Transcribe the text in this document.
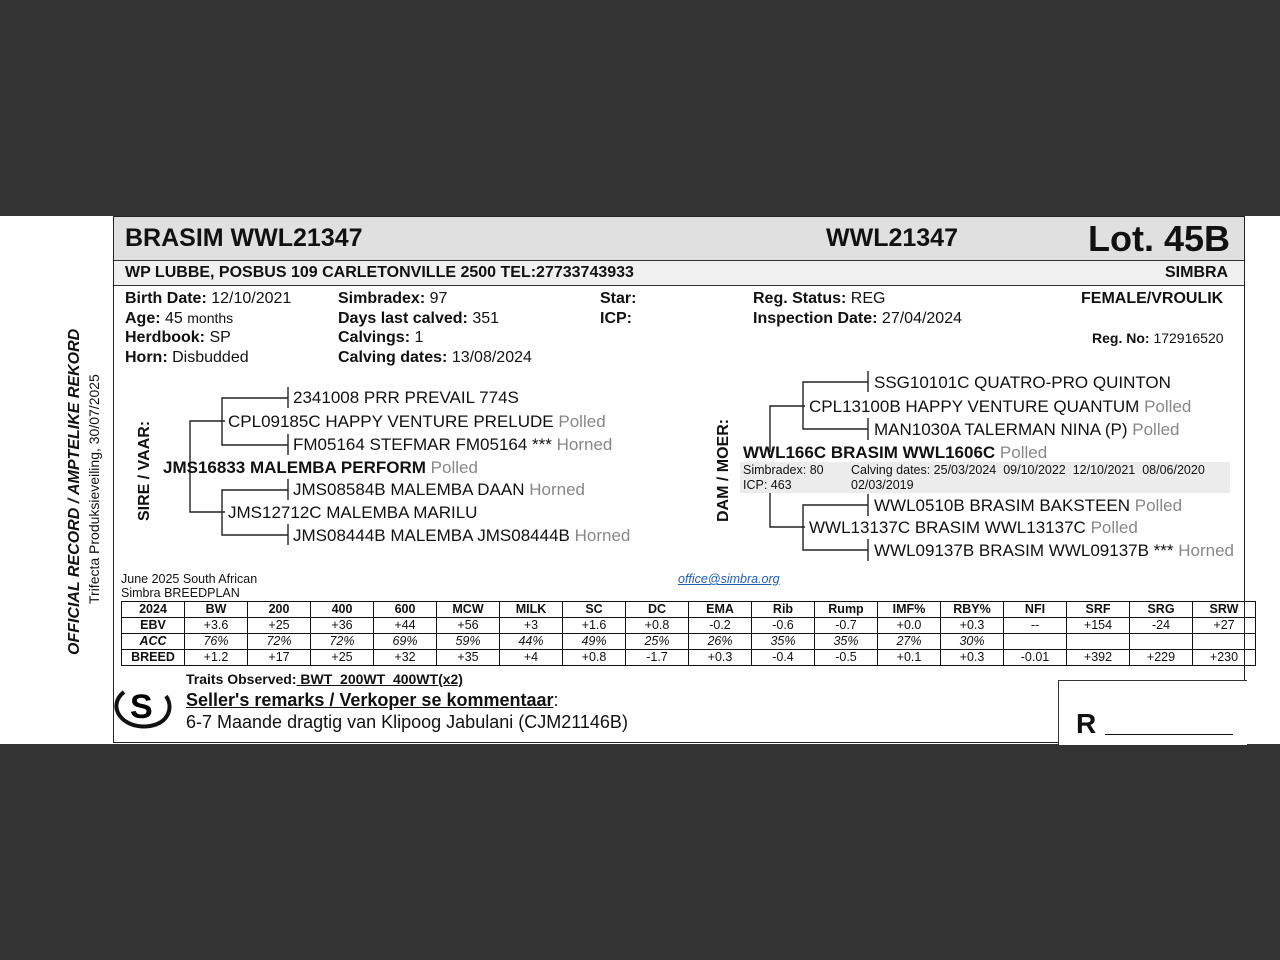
BRASIM WWL21347	WWL21347	Lot. 45B
WP LUBBE, POSBUS 109 CARLETONVILLE 2500 TEL:27733743933	SIMBRA
Birth Date: 12/10/2021
Age: 45 months
Herdbook: SP
Horn: Disbudded
Simbradex: 97
Days last calved: 351
Calvings: 1
Calving dates: 13/08/2024
Star:
ICP:
Reg. Status: REG
Inspection Date: 27/04/2024
FEMALE/VROULIK
Reg. No: 172916520
OFFICIAL RECORD / AMPTELIKE REKORD Trifecta Produksieveiling, 30/07/2025 SIRE / VAAR:	DAM / MOER:
2341008 PRR PREVAIL 774S
CPL09185C HAPPY VENTURE PRELUDE Polled
FM05164 STEFMAR FM05164 *** Horned
JMS16833 MALEMBA PERFORM Polled
JMS08584B MALEMBA DAAN Horned
JMS12712C MALEMBA MARILU
JMS08444B MALEMBA JMS08444B Horned
SSG10101C QUATRO-PRO QUINTON
CPL13100B HAPPY VENTURE QUANTUM Polled
MAN1030A TALERMAN NINA (P) Polled
WWL166C BRASIM WWL1606C Polled
Simbradex: 80
ICP: 463
Calving dates: 25/03/2024  09/10/2022  12/10/2021  08/06/2020
02/03/2019
WWL0510B BRASIM BAKSTEEN Polled
WWL13137C BRASIM WWL13137C Polled
WWL09137B BRASIM WWL09137B *** Horned
June 2025 South African
Simbra BREEDPLAN
office@simbra.org
2024	BW	200	400	600	MCW	MILK	SC	DC	EMA	Rib	Rump	IMF%	RBY%	NFI	SRF	SRG	SRW
EBV	+3.6	+25	+36	+44	+56	+3	+1.6	+0.8	-0.2	-0.6	-0.7	+0.0	+0.3	--	+154	-24	+27
ACC	76%	72%	72%	69%	59%	44%	49%	25%	26%	35%	35%	27%	30%				
BREED	+1.2	+17	+25	+32	+35	+4	+0.8	-1.7	+0.3	-0.4	-0.5	+0.1	+0.3	-0.01	+392	+229	+230
S
Traits Observed: BWT  200WT  400WT(x2)
Seller's remarks / Verkoper se kommentaar:
6-7 Maande dragtig van Klipoog Jabulani (CJM21146B)	R
